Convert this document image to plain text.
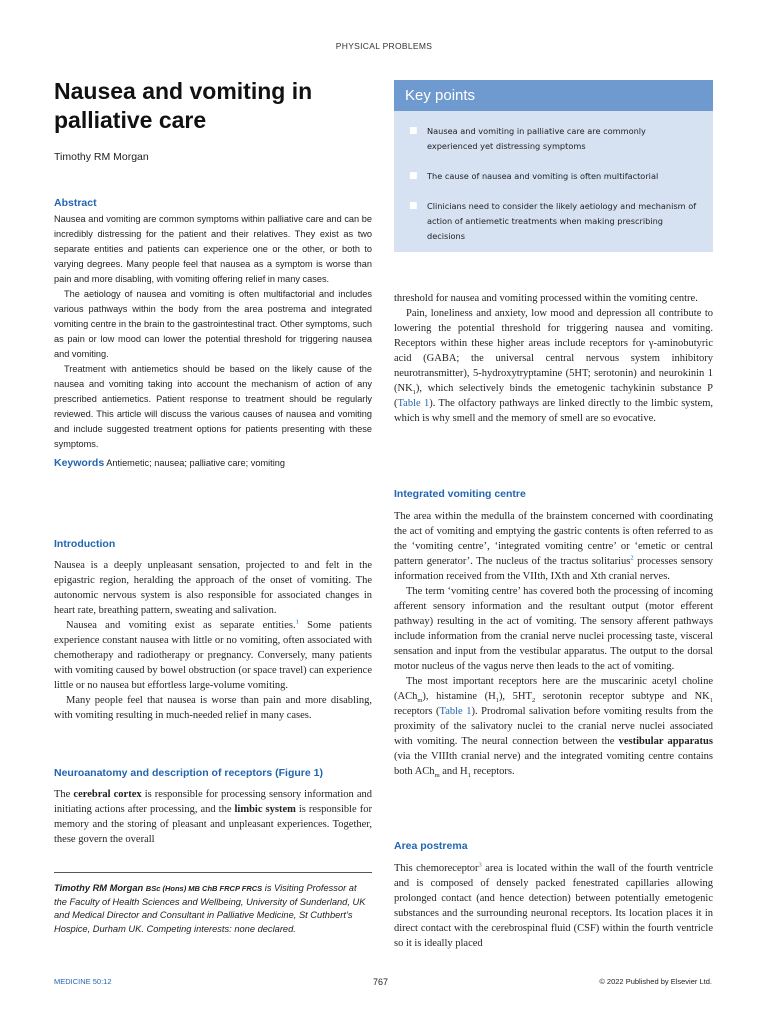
PHYSICAL PROBLEMS
Nausea and vomiting in
palliative care
Timothy RM Morgan
Abstract

Nausea and vomiting are common symptoms within palliative care and can be incredibly distressing for the patient and their relatives. They exist as two separate entities and patients can experience one or the other, or both to varying degrees. Many people feel that nausea as a symptom is worse than pain and more disabling, with vomiting offering relief in many cases.

The aetiology of nausea and vomiting is often multifactorial and includes various pathways within the body from the area postrema and integrated vomiting centre in the brain to the gastrointestinal tract. Other symptoms, such as pain or low mood can lower the potential threshold for triggering nausea and vomiting.

Treatment with antiemetics should be based on the likely cause of the nausea and vomiting taking into account the mechanism of action of any prescribed antiemetics. Patient response to treatment should be regularly reviewed. This article will discuss the various causes of nausea and vomiting and include suggested treatment options for patients presenting with these symptoms.

Keywords Antiemetic; nausea; palliative care; vomiting
Introduction

Nausea is a deeply unpleasant sensation, projected to and felt in the epigastric region, heralding the approach of the onset of vomiting. The autonomic nervous system is also responsible for associated changes in heart rate, breathing pattern, sweating and salivation.

Nausea and vomiting exist as separate entities.$^1$ Some patients experience constant nausea with little or no vomiting, often associated with chemotherapy and radiotherapy or pregnancy. Conversely, many patients with vomiting caused by bowel obstruction (or space travel) can experience little or no nausea but effortless large-volume vomiting.

Many people feel that nausea is worse than pain and more disabling, with vomiting resulting in much-needed relief in many cases.

Neuroanatomy and description of receptors (Figure 1)

The cerebral cortex is responsible for processing sensory information and initiating actions after processing, and the limbic system is responsible for memory and the storing of pleasant and unpleasant experiences. Together, these govern the overall

Timothy RM Morgan BSc (Hons) MB ChB FRCP FRCS is Visiting Professor at the Faculty of Health Sciences and Wellbeing, University of Sunderland, UK and Medical Director and Consultant in Palliative Medicine, St Cuthbert’s Hospice, Durham UK. Competing interests: none declared.
Key points
■ Nausea and vomiting in palliative care are commonly experienced yet distressing symptoms
■ The cause of nausea and vomiting is often multifactorial
■ Clinicians need to consider the likely aetiology and mechanism of action of antiemetic treatments when making prescribing decisions

threshold for nausea and vomiting processed within the vomiting centre.

Pain, loneliness and anxiety, low mood and depression all contribute to lowering the potential threshold for triggering nausea and vomiting. Receptors within these higher areas include receptors for γ-aminobutyric acid (GABA; the universal central nervous system inhibitory neurotransmitter), 5-hydroxytryptamine (5HT; serotonin) and neurokinin 1 $(NK_1)$, which selectively binds the emetogenic tachykinin substance P (Table 1). The olfactory pathways are linked directly to the limbic system, which is why smell and the memory of smell are so evocative.

Integrated vomiting centre

The area within the medulla of the brainstem concerned with coordinating the act of vomiting and emptying the gastric contents is often referred to as the ‘vomiting centre’, ‘integrated vomiting centre’ or ‘emetic or central pattern generator’. The nucleus of the tractus solitarius$^2$ processes sensory information received from the VIIth, IXth and Xth cranial nerves.

The term ‘vomiting centre’ has covered both the processing of incoming afferent sensory information and the resultant output (motor efferent pathway) resulting in the act of vomiting. The sensory afferent pathways include information from the cranial nerve nuclei processing taste, visceral sensation and input from the vestibular apparatus. The output to the dorsal motor nucleus of the vagus nerve then leads to the act of vomiting.

The most important receptors here are the muscarinic acetyl choline (ACh$_m$), histamine $(H_1)$, $5HT_2$ serotonin receptor subtype and $NK_1$ receptors (Table 1). Prodromal salivation before vomiting results from the proximity of the salivatory nuclei to the cranial nerve nuclei associated with vomiting. The neural connection between the vestibular apparatus (via the VIIIth cranial nerve) and the integrated vomiting centre contains both ACh$_m$ and $H_1$ receptors.

Area postrema

This chemoreceptor$^3$ area is located within the wall of the fourth ventricle and is composed of densely packed fenestrated capillaries allowing prolonged contact (and hence detection) between potentially emetogenic substances and the surrounding neuronal receptors. Its location places it in direct contact with the cerebrospinal fluid (CSF) within the fourth ventricle so it is ideally placed

MEDICINE 50:12	767	© 2022 Published by Elsevier Ltd.
